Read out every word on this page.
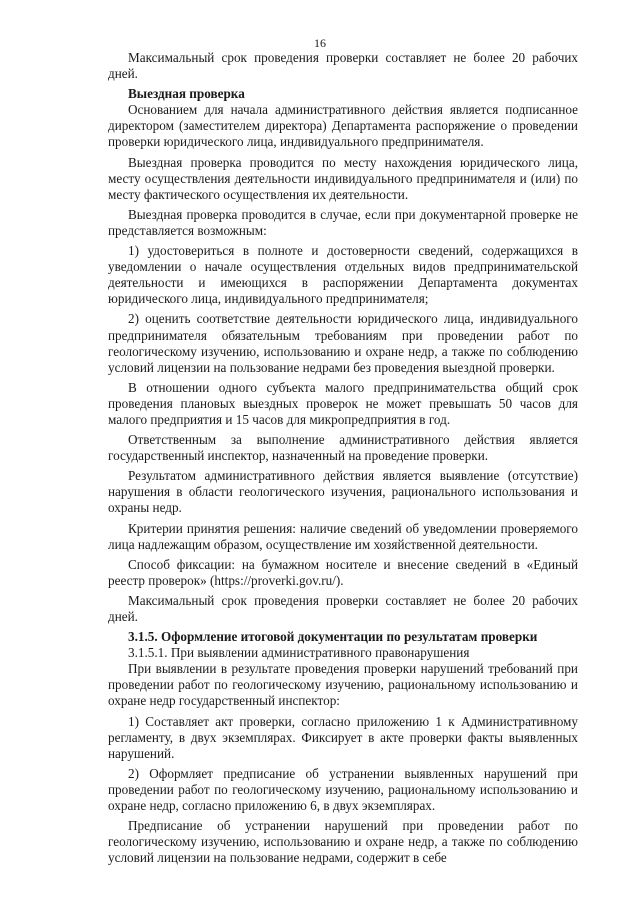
16

Максимальный срок проведения проверки составляет не более 20 рабочих дней.

Выездная проверка

Основанием для начала административного действия является подписанное директором (заместителем директора) Департамента распоряжение о проведении проверки юридического лица, индивидуального предпринимателя.

Выездная проверка проводится по месту нахождения юридического лица, месту осуществления деятельности индивидуального предпринимателя и (или) по месту фактического осуществления их деятельности.

Выездная проверка проводится в случае, если при документарной проверке не представляется возможным:

1) удостовериться в полноте и достоверности сведений, содержащихся в уведомлении о начале осуществления отдельных видов предпринимательской деятельности и имеющихся в распоряжении Департамента документах юридического лица, индивидуального предпринимателя;

2) оценить соответствие деятельности юридического лица, индивидуального предпринимателя обязательным требованиям при проведении работ по геологическому изучению, использованию и охране недр, а также по соблюдению условий лицензии на пользование недрами без проведения выездной проверки.

В отношении одного субъекта малого предпринимательства общий срок проведения плановых выездных проверок не может превышать 50 часов для малого предприятия и 15 часов для микропредприятия в год.

Ответственным за выполнение административного действия является государственный инспектор, назначенный на проведение проверки.

Результатом административного действия является выявление (отсутствие) нарушения в области геологического изучения, рационального использования и охраны недр.

Критерии принятия решения: наличие сведений об уведомлении проверяемого лица надлежащим образом, осуществление им хозяйственной деятельности.

Способ фиксации: на бумажном носителе и внесение сведений в «Единый реестр проверок» (https://proverki.gov.ru/).

Максимальный срок проведения проверки составляет не более 20 рабочих дней.

3.1.5. Оформление итоговой документации по результатам проверки

3.1.5.1. При выявлении административного правонарушения

При выявлении в результате проведения проверки нарушений требований при проведении работ по геологическому изучению, рациональному использованию и охране недр государственный инспектор:

1) Составляет акт проверки, согласно приложению 1 к Административному регламенту, в двух экземплярах. Фиксирует в акте проверки факты выявленных нарушений.

2) Оформляет предписание об устранении выявленных нарушений при проведении работ по геологическому изучению, рациональному использованию и охране недр, согласно приложению 6, в двух экземплярах.

Предписание об устранении нарушений при проведении работ по геологическому изучению, использованию и охране недр, а также по соблюдению условий лицензии на пользование недрами, содержит в себе
